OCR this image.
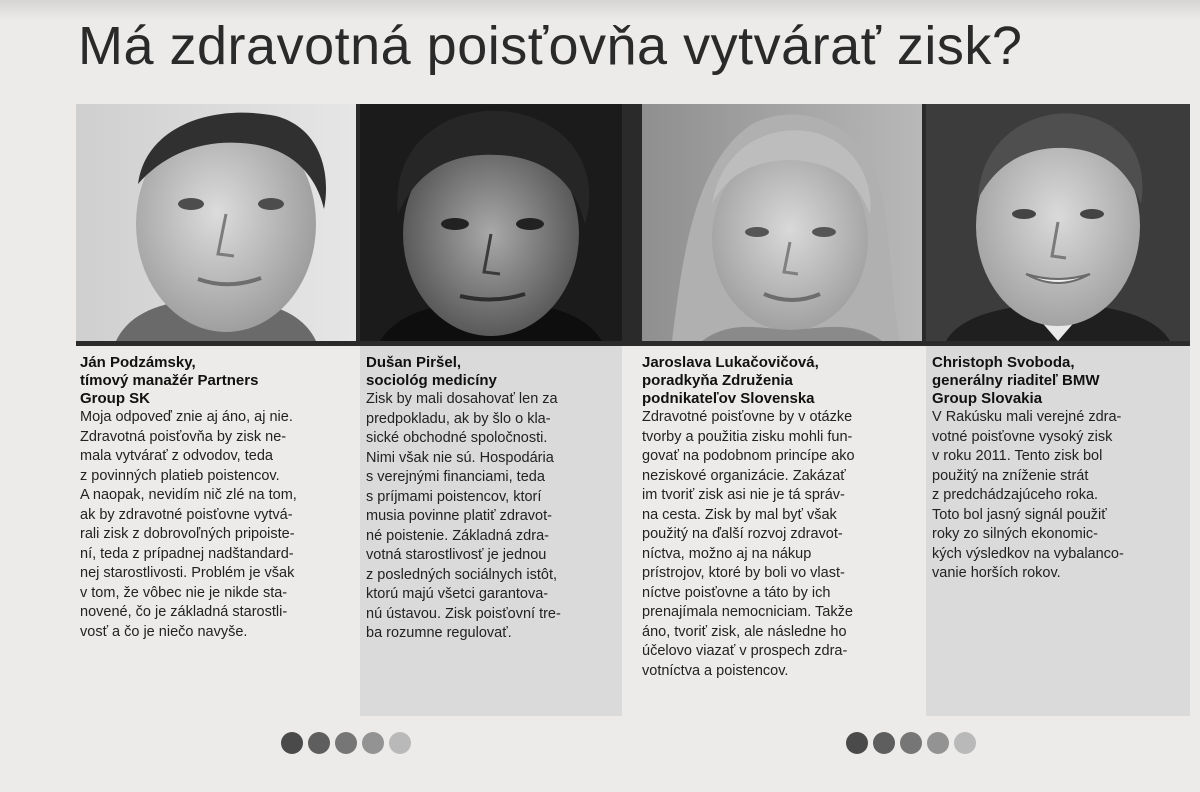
Má zdravotná poisťovňa vytvárať zisk?
Ján Podzámsky,
tímový manažér Partners
Group SK
Moja odpoveď znie aj áno, aj nie.
Zdravotná poisťovňa by zisk ne-
mala vytvárať z odvodov, teda
z povinných platieb poistencov.
A naopak, nevidím nič zlé na tom,
ak by zdravotné poisťovne vytvá-
rali zisk z dobrovoľných pripoiste-
ní, teda z prípadnej nadštandard-
nej starostlivosti. Problém je však
v tom, že vôbec nie je nikde sta-
novené, čo je základná starostli-
vosť a čo je niečo navyše.
Dušan Piršel,
sociológ medicíny
Zisk by mali dosahovať len za
predpokladu, ak by šlo o kla-
sické obchodné spoločnosti.
Nimi však nie sú. Hospodária
s verejnými financiami, teda
s príjmami poistencov, ktorí
musia povinne platiť zdravot-
né poistenie. Základná zdra-
votná starostlivosť je jednou
z posledných sociálnych istôt,
ktorú majú všetci garantova-
nú ústavou. Zisk poisťovní tre-
ba rozumne regulovať.
Jaroslava Lukačovičová,
poradkyňa Združenia
podnikateľov Slovenska
Zdravotné poisťovne by v otázke
tvorby a použitia zisku mohli fun-
govať na podobnom princípe ako
neziskové organizácie. Zakázať
im tvoriť zisk asi nie je tá správ-
na cesta. Zisk by mal byť však
použitý na ďalší rozvoj zdravot-
níctva, možno aj na nákup
prístrojov, ktoré by boli vo vlast-
níctve poisťovne a tátо by ich
prenajímala nemocniciam. Takže
áno, tvoriť zisk, ale následne ho
účelovo viazať v prospech zdra-
votníctva a poistencov.
Christoph Svoboda,
generálny riaditeľ BMW
Group Slovakia
V Rakúsku mali verejné zdra-
votné poisťovne vysoký zisk
v roku 2011. Tento zisk bol
použitý na zníženie strát
z predchádzajúceho roka.
Toto bol jasný signál použiť
roky zo silných ekonomic-
kých výsledkov na vybalanco-
vanie horších rokov.
